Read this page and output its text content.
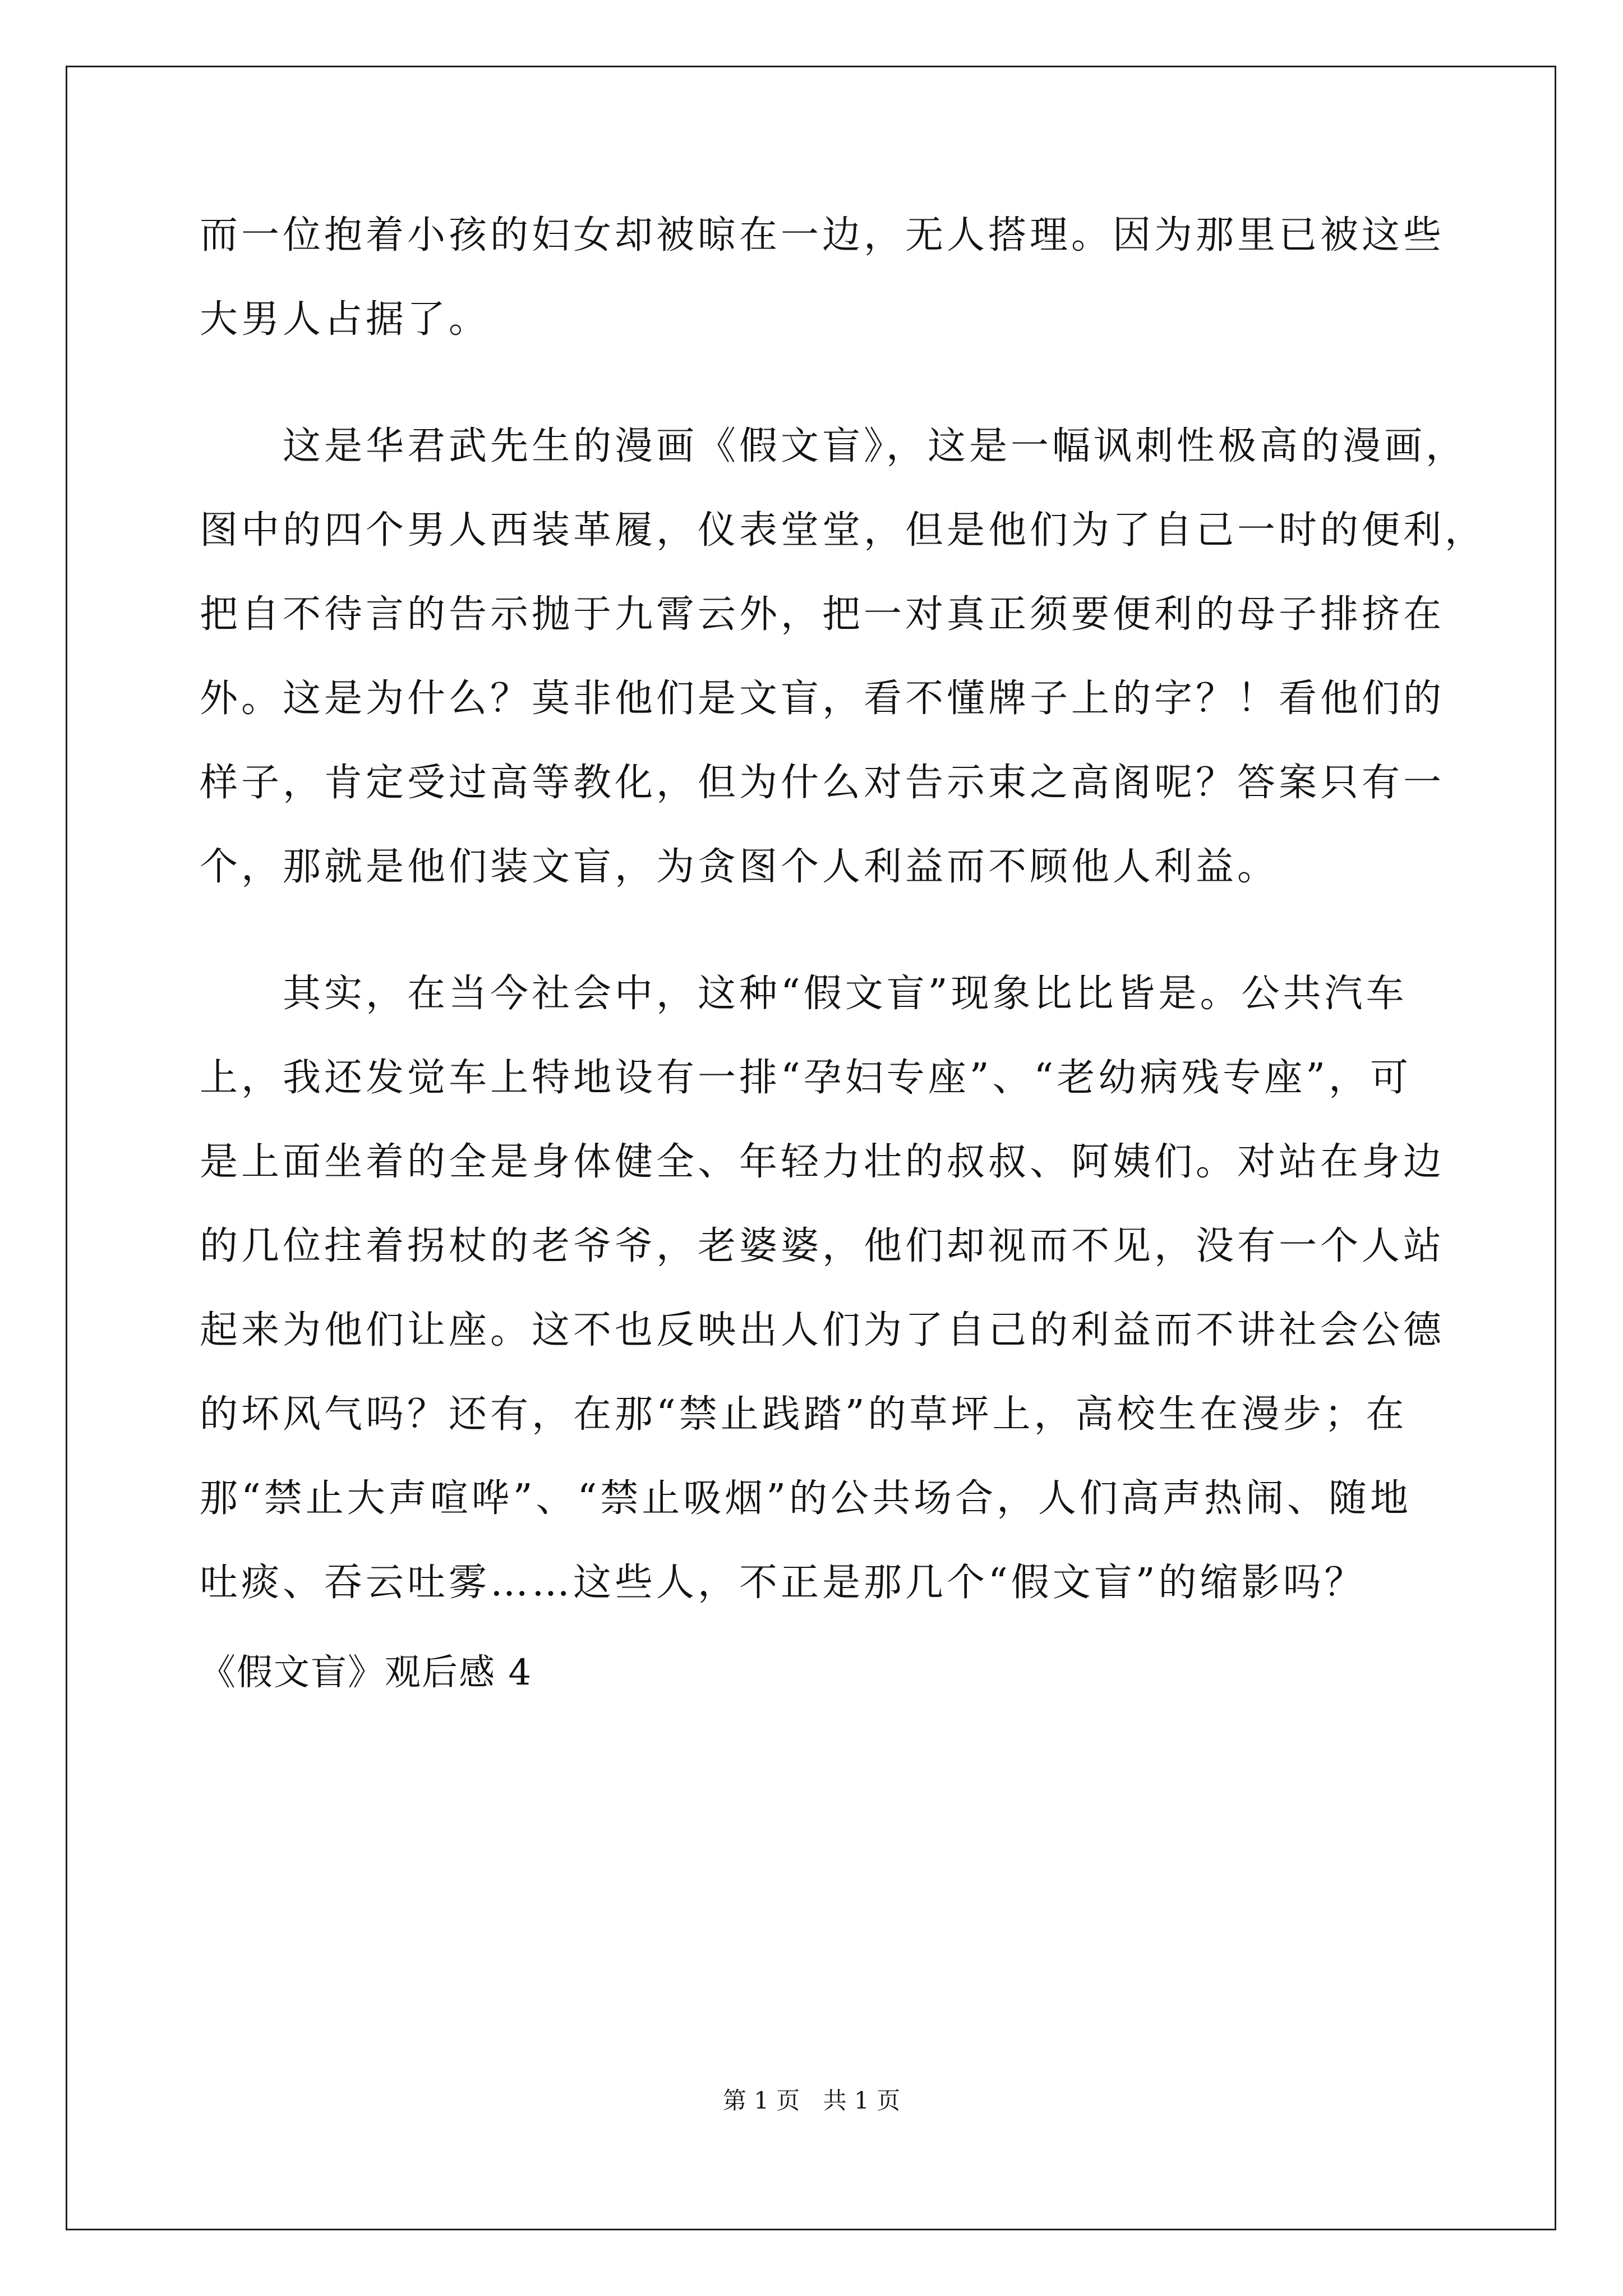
而一位抱着小孩的妇女却被晾在一边，无人搭理。因为那里已被这些
大男人占据了。
这是华君武先生的漫画《假文盲》，这是一幅讽刺性极高的漫画，
图中的四个男人西装革履，仪表堂堂，但是他们为了自己一时的便利，
把自不待言的告示抛于九霄云外，把一对真正须要便利的母子排挤在
外。这是为什么？莫非他们是文盲，看不懂牌子上的字？！看他们的
样子，肯定受过高等教化，但为什么对告示束之高阁呢？答案只有一
个，那就是他们装文盲，为贪图个人利益而不顾他人利益。
其实，在当今社会中，这种“假文盲”现象比比皆是。公共汽车
上，我还发觉车上特地设有一排“孕妇专座”、“老幼病残专座”，可
是上面坐着的全是身体健全、年轻力壮的叔叔、阿姨们。对站在身边
的几位拄着拐杖的老爷爷，老婆婆，他们却视而不见，没有一个人站
起来为他们让座。这不也反映出人们为了自己的利益而不讲社会公德
的坏风气吗？还有，在那“禁止践踏”的草坪上，高校生在漫步；在
那“禁止大声喧哗”、“禁止吸烟”的公共场合，人们高声热闹、随地
吐痰、吞云吐雾……这些人，不正是那几个“假文盲”的缩影吗？
《假文盲》观后感 4
第 1 页 共 1 页
